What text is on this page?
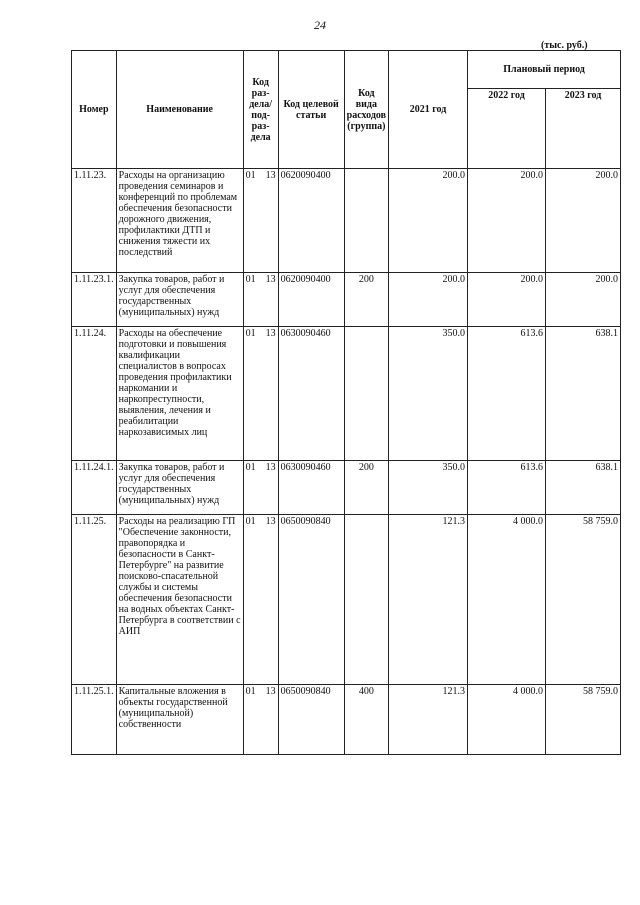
24
(тыс. руб.)
Номер	Наименование	Код раз- дела/ под- раз- дела	Код целевой статьи	Код вида расходов (группа)	2021 год	Плановый период	
						2022 год	2023 год
1.11.23.	Расходы на организацию проведения семинаров и конференций по проблемам обеспечения безопасности дорожного движения, профилактики ДТП и снижения тяжести их последствий	01 13	0620090400		200.0	200.0	200.0
1.11.23.1.	Закупка товаров, работ и услуг для обеспечения государственных (муниципальных) нужд	01 13	0620090400	200	200.0	200.0	200.0
1.11.24.	Расходы на обеспечение подготовки и повышения квалификации специалистов в вопросах проведения профилактики наркомании и наркопреступности, выявления, лечения и реабилитации наркозависимых лиц	01 13	0630090460		350.0	613.6	638.1
1.11.24.1.	Закупка товаров, работ и услуг для обеспечения государственных (муниципальных) нужд	01 13	0630090460	200	350.0	613.6	638.1
1.11.25.	Расходы на реализацию ГП "Обеспечение законности, правопорядка и безопасности в Санкт-Петербурге" на развитие поисково-спасательной службы и системы обеспечения безопасности на водных объектах Санкт-Петербурга в соответствии с АИП	01 13	0650090840		121.3	4 000.0	58 759.0
1.11.25.1.	Капитальные вложения в объекты государственной (муниципальной) собственности	01 13	0650090840	400	121.3	4 000.0	58 759.0
